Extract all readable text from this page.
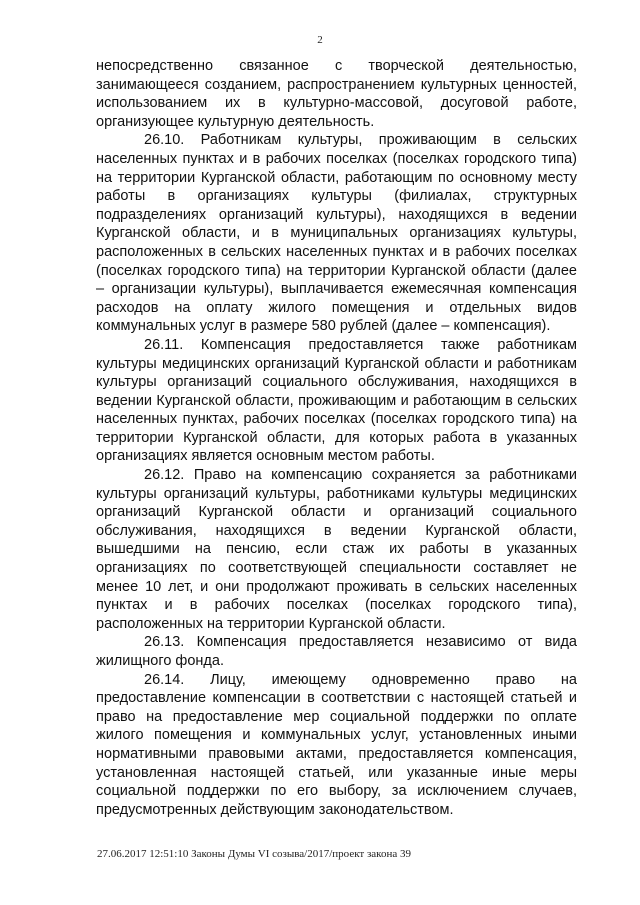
2

непосредственно связанное с творческой деятельностью, занимающееся созданием, распространением культурных ценностей, использованием их в культурно-массовой, досуговой работе, организующее культурную деятельность.

26.10. Работникам культуры, проживающим в сельских населенных пунктах и в рабочих поселках (поселках городского типа) на территории Курганской области, работающим по основному месту работы в организациях культуры (филиалах, структурных подразделениях организаций культуры), находящихся в ведении Курганской области, и в муниципальных организациях культуры, расположенных в сельских населенных пунктах и в рабочих поселках (поселках городского типа) на территории Курганской области (далее – организации культуры), выплачивается ежемесячная компенсация расходов на оплату жилого помещения и отдельных видов коммунальных услуг в размере 580 рублей (далее – компенсация).

26.11. Компенсация предоставляется также работникам культуры медицинских организаций Курганской области и работникам культуры организаций социального обслуживания, находящихся в ведении Курганской области, проживающим и работающим в сельских населенных пунктах, рабочих поселках (поселках городского типа) на территории Курганской области, для которых работа в указанных организациях является основным местом работы.

26.12. Право на компенсацию сохраняется за работниками культуры организаций культуры, работниками культуры медицинских организаций Курганской области и организаций социального обслуживания, находящихся в ведении Курганской области, вышедшими на пенсию, если стаж их работы в указанных организациях по соответствующей специальности составляет не менее 10 лет, и они продолжают проживать в сельских населенных пунктах и в рабочих поселках (поселках городского типа), расположенных на территории Курганской области.

26.13. Компенсация предоставляется независимо от вида жилищного фонда.

26.14. Лицу, имеющему одновременно право на предоставление компенсации в соответствии с настоящей статьей и право на предоставление мер социальной поддержки по оплате жилого помещения и коммунальных услуг, установленных иными нормативными правовыми актами, предоставляется компенсация, установленная настоящей статьей, или указанные иные меры социальной поддержки по его выбору, за исключением случаев, предусмотренных действующим законодательством.

27.06.2017 12:51:10 Законы Думы VI созыва/2017/проект закона 39
